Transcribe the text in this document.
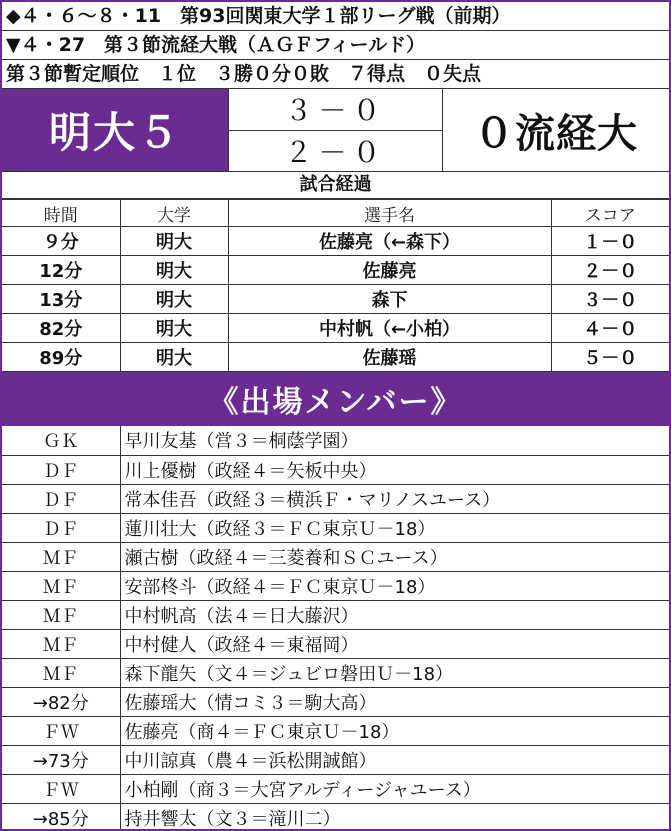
◆４・６～８・11　第93回関東大学１部リーグ戦（前期）
▼４・27　第３節流経大戦（ＡＧＦフィールド）
第３節暫定順位　１位　３勝０分０敗　７得点　０失点
明大５	３－０
２－０	０流経大
試合経過
時間	大学	選手名	スコア
９分	明大	佐藤亮（←森下）	１－０
12分	明大	佐藤亮	２－０
13分	明大	森下	３－０
82分	明大	中村帆（←小柏）	４－０
89分	明大	佐藤瑶	５－０
《出場メンバー》
ＧＫ	早川友基（営３＝桐蔭学園）
ＤＦ	川上優樹（政経４＝矢板中央）
ＤＦ	常本佳吾（政経３＝横浜Ｆ・マリノスユース）
ＤＦ	蓮川壮大（政経３＝ＦＣ東京Ｕ－18）
ＭＦ	瀬古樹（政経４＝三菱養和ＳＣユース）
ＭＦ	安部柊斗（政経４＝ＦＣ東京Ｕ－18）
ＭＦ	中村帆高（法４＝日大藤沢）
ＭＦ	中村健人（政経４＝東福岡）
ＭＦ	森下龍矢（文４＝ジュビロ磐田Ｕ－18）
→82分	佐藤瑶大（情コミ３＝駒大高）
ＦＷ	佐藤亮（商４＝ＦＣ東京Ｕ－18）
→73分	中川諒真（農４＝浜松開誠館）
ＦＷ	小柏剛（商３＝大宮アルディージャユース）
→85分	持井響太（文３＝滝川二）
